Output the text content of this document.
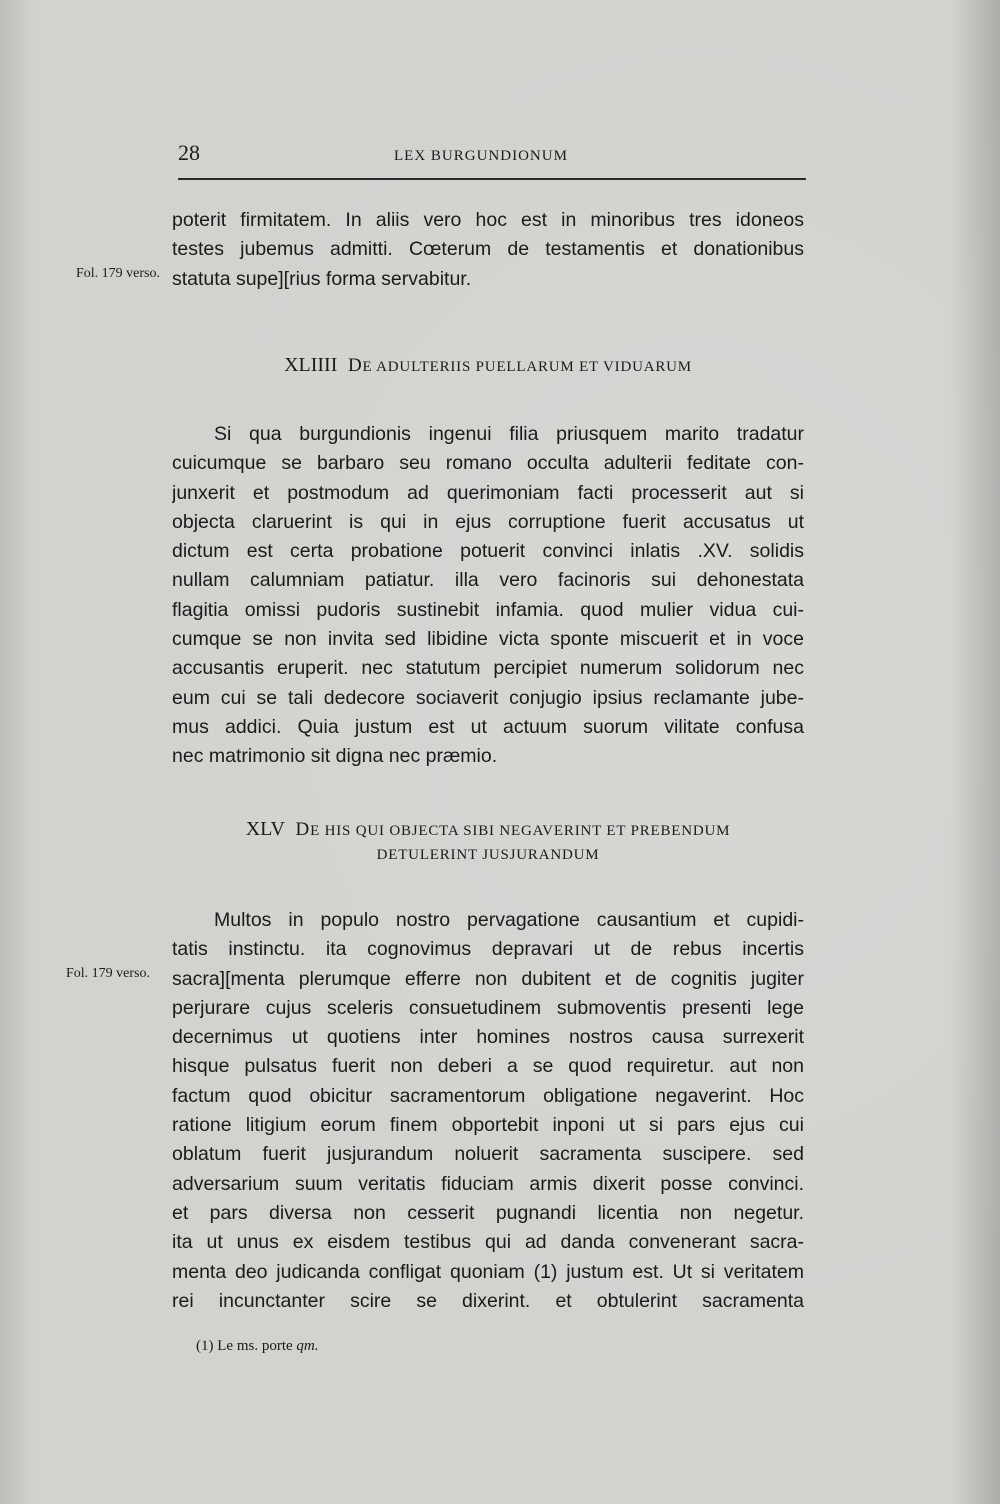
28	LEX BURGUNDIONUM
Fol. 179 verso.
poterit firmitatem. In aliis vero hoc est in minoribus tres idoneos
testes jubemus admitti. Cœterum de testamentis et donationibus
statuta supe][rius forma servabitur.
XLIIII DE ADULTERIIS PUELLARUM ET VIDUARUM
Si qua burgundionis ingenui filia priusquem marito tradatur
cuicumque se barbaro seu romano occulta adulterii feditate con-
junxerit et postmodum ad querimoniam facti processerit aut si
objecta claruerint is qui in ejus corruptione fuerit accusatus ut
dictum est certa probatione potuerit convinci inlatis .XV. solidis
nullam calumniam patiatur. illa vero facinoris sui dehonestata
flagitia omissi pudoris sustinebit infamia. quod mulier vidua cui-
cumque se non invita sed libidine victa sponte miscuerit et in voce
accusantis eruperit. nec statutum percipiet numerum solidorum nec
eum cui se tali dedecore sociaverit conjugio ipsius reclamante jube-
mus addici. Quia justum est ut actuum suorum vilitate confusa
nec matrimonio sit digna nec præmio.
XLV DE HIS QUI OBJECTA SIBI NEGAVERINT ET PREBENDUM
DETULERINT JUSJURANDUM
Fol. 179 verso.
Multos in populo nostro pervagatione causantium et cupidi-
tatis instinctu. ita cognovimus depravari ut de rebus incertis
sacra][menta plerumque efferre non dubitent et de cognitis jugiter
perjurare cujus sceleris consuetudinem submoventis presenti lege
decernimus ut quotiens inter homines nostros causa surrexerit
hisque pulsatus fuerit non deberi a se quod requiretur. aut non
factum quod obicitur sacramentorum obligatione negaverint. Hoc
ratione litigium eorum finem obportebit inponi ut si pars ejus cui
oblatum fuerit jusjurandum noluerit sacramenta suscipere. sed
adversarium suum veritatis fiduciam armis dixerit posse convinci.
et pars diversa non cesserit pugnandi licentia non negetur.
ita ut unus ex eisdem testibus qui ad danda convenerant sacra-
menta deo judicanda confligat quoniam (1) justum est. Ut si veritatem
rei incunctanter scire se dixerint. et obtulerint sacramenta
(1) Le ms. porte qm.
